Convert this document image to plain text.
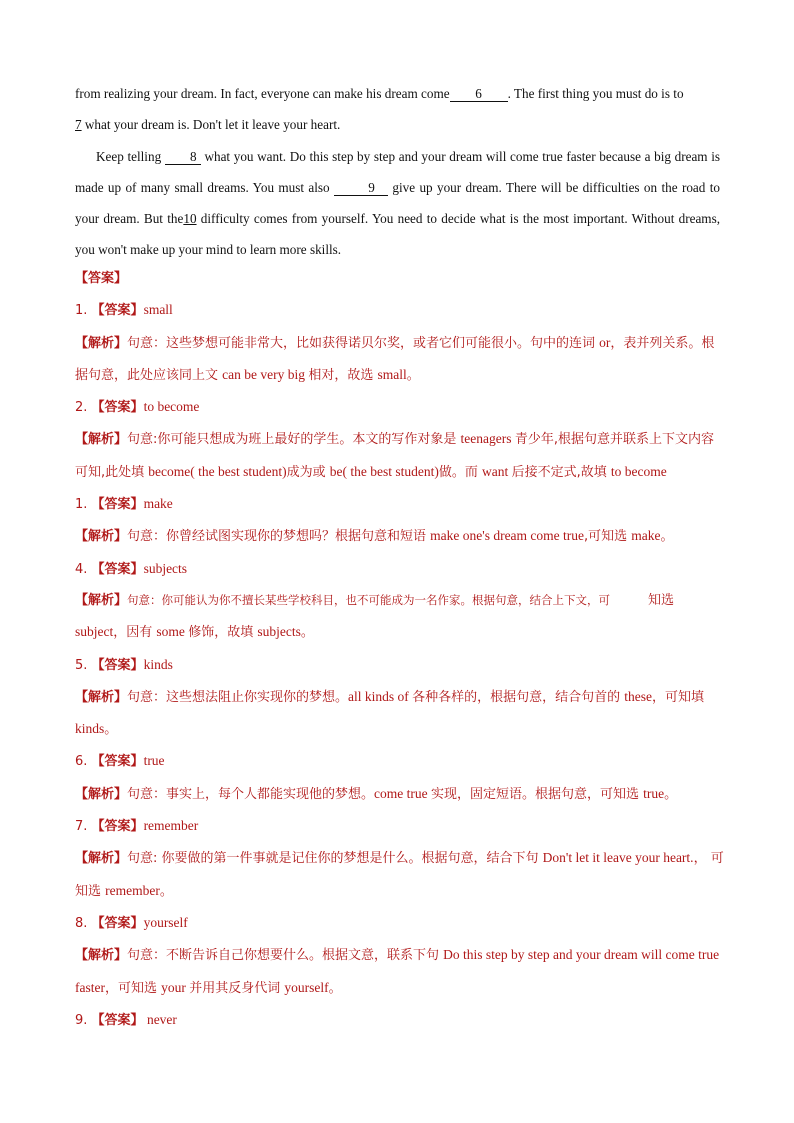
from realizing your dream. In fact, everyone can make his dream come 6 . The first thing you must do is to
7 what your dream is. Don't let it leave your heart.

Keep telling 8 what you want. Do this step by step and your dream will come true faster because a big dream is made up of many small dreams. You must also	9 give up your dream. There will be difficulties on the road to your dream. But the10 difficulty comes from yourself. You need to decide what is the most important. Without dreams, you won't make up your mind to learn more skills.

【答案】
1. 【答案】small
【解析】句意：这些梦想可能非常大，比如获得诺贝尔奖，或者它们可能很小。句中的连词 or，表并列关系。根据句意，此处应该同上文 can be very big 相对，故选 small。
2. 【答案】to become
【解析】句意:你可能只想成为班上最好的学生。本文的写作对象是 teenagers 青少年,根据句意并联系上下文内容可知,此处填 become( the best student)成为或 be( the best student)做。而 want 后接不定式,故填 to become
1. 【答案】make
【解析】句意：你曾经试图实现你的梦想吗？根据句意和短语 make one's dream come true,可知选 make。
4. 【答案】subjects
【解析】句意：你可能认为你不擅长某些学校科目，也不可能成为一名作家。根据句意，结合上下文，可	知选 subject，因有 some 修饰，故填 subjects。
5. 【答案】kinds
【解析】句意：这些想法阻止你实现你的梦想。all kinds of 各种各样的，根据句意，结合句首的 these，可知填 kinds。
6. 【答案】true
【解析】句意：事实上，每个人都能实现他的梦想。come true 实现，固定短语。根据句意，可知选 true。
7. 【答案】remember
【解析】句意: 你要做的第一件事就是记住你的梦想是什么。根据句意，结合下句 Don't let it leave your heart.， 可知选 remember。
8. 【答案】yourself
【解析】句意：不断告诉自己你想要什么。根据文意，联系下句 Do this step by step and your dream will come true faster，可知选 your 并用其反身代词 yourself。
9. 【答案】 never
